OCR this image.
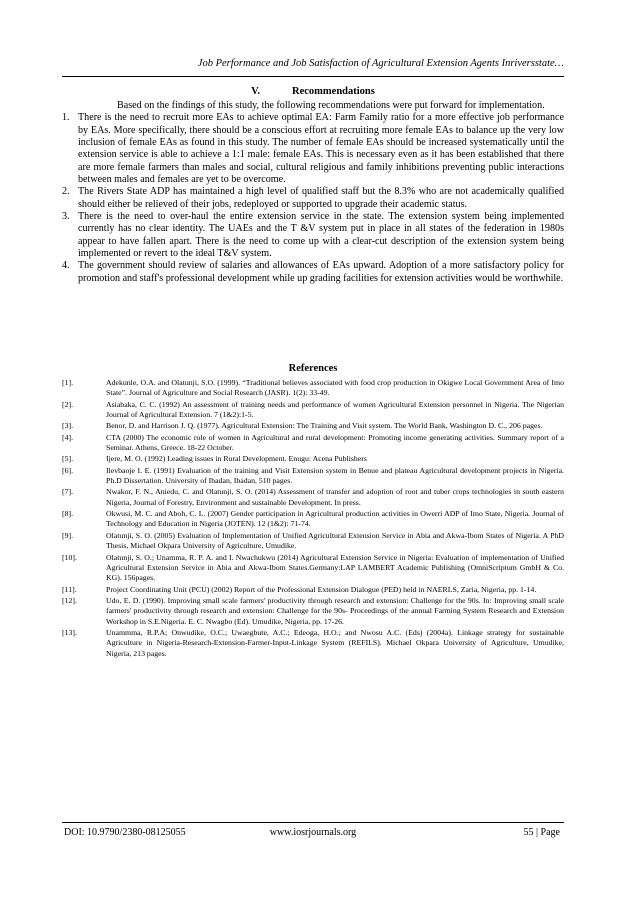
Job Performance and Job Satisfaction of Agricultural Extension Agents Inriversstate…
V.	Recommendations

Based on the findings of this study, the following recommendations were put forward for implementation.

1. There is the need to recruit more EAs to achieve optimal EA: Farm Family ratio for a more effective job performance by EAs. More specifically, there should be a conscious effort at recruiting more female EAs to balance up the very low inclusion of female EAs as found in this study. The number of female EAs should be increased systematically until the extension service is able to achieve a 1:1 male: female EAs. This is necessary even as it has been established that there are more female farmers than males and social, cultural religious and family inhibitions preventing public interactions between males and females are yet to be overcome.
2. The Rivers State ADP has maintained a high level of qualified staff but the 8.3% who are not academically qualified should either be relieved of their jobs, redeployed or supported to upgrade their academic status.
3. There is the need to over-haul the entire extension service in the state. The extension system being implemented currently has no clear identity. The UAEs and the T &V system put in place in all states of the federation in 1980s appear to have fallen apart. There is the need to come up with a clear-cut description of the extension system being implemented or revert to the ideal T&V system.
4. The government should review of salaries and allowances of EAs upward. Adoption of a more satisfactory policy for promotion and staff's professional development while up grading facilities for extension activities would be worthwhile.
References
[1].	Adekunle, O.A. and Olatunji, S.O. (1999). “Traditional believes associated with food crop production in Okigwe Local Government Area of Imo State”. Journal of Agriculture and Social Research (JASR). 1(2): 33-49.
[2].	Asiabaka, C. C. (1992) An assessment of training needs and performance of women Agricultural Extension personnel in Nigeria. The Nigerian Journal of Agricultural Extension. 7 (1&2):1-5.
[3].	Benor, D. and Harrison J. Q. (1977). Agricultural Extension: The Training and Visit system. The World Bank, Washington D. C., 206 pages.
[4].	CTA (2000) The economic role of women in Agricultural and rural development: Promoting income generating activities. Summary report of a Seminar. Athens, Greece. 18-22 October.
[5].	Ijere, M. O. (1992) Leading issues in Rural Development. Enugu: Acena Publishers
[6].	Ilevbaoje I. E. (1991) Evaluation of the training and Visit Extension system in Benue and plateau Agricultural development projects in Nigeria. Ph.D Dissertation. University of Ibadan, Ibadan, 510 pages.
[7].	Nwakor, F. N., Aniedu, C. and Olatunji, S. O. (2014) Assessment of transfer and adoption of root and tuber crops technologies in south eastern Nigeria, Journal of Forestry, Environment and sustainable Development. In press.
[8].	Okwusi, M. C. and Aboh, C. L. (2007) Gender participation in Agricultural production activities in Owerri ADP of Imo State, Nigeria. Journal of Technology and Education in Nigeria (JOTEN). 12 (1&2): 71-74.
[9].	Olatunji, S. O. (2005) Evaluation of Implementation of Unified Agricultural Extension Service in Abia and Akwa-Ibom States of Nigeria. A PhD Thesis, Michael Okpara University of Agriculture, Umudike.
[10].	Olatunji, S. O.; Unamma, R. P. A. and I. Nwachukwu (2014) Agricultural Extension Service in Nigeria: Evaluation of implementation of Unified Agricultural Extension Service in Abia and Akwa-Ibom States.Germany:LAP LAMBERT Academic Publishing (OmniScriptum GmbH & Co. KG). 156pages.
[11].	Project Coordinating Unit (PCU) (2002) Report of the Professional Extension Dialogue (PED) held in NAERLS, Zaria, Nigeria, pp. 1-14.
[12].	Udo, E. D. (1990). Improving small scale farmers' productivity through research and extension: Challenge for the 90s. In: Improving small scale farmers' productivity through research and extension: Challenge for the 90s- Proceedings of the annual Farming System Research and Extension Workshop in S.E.Nigeria. E. C. Nwagbo (Ed). Umudike, Nigeria, pp. 17-26.
[13].	Unammma, R.P.A; Onwudike, O.C.; Uwaegbute, A.C.; Edeoga, H.O.; and Nwosu A.C. (Eds) (2004a). Linkage strategy for sustainable Agriculture in Nigeria-Research-Extension-Farmer-Input-Linkage System (REFILS). Michael Okpara University of Agriculture, Umudike, Nigeria, 213 pages.
DOI: 10.9790/2380-08125055	www.iosrjournals.org	55 | Page
